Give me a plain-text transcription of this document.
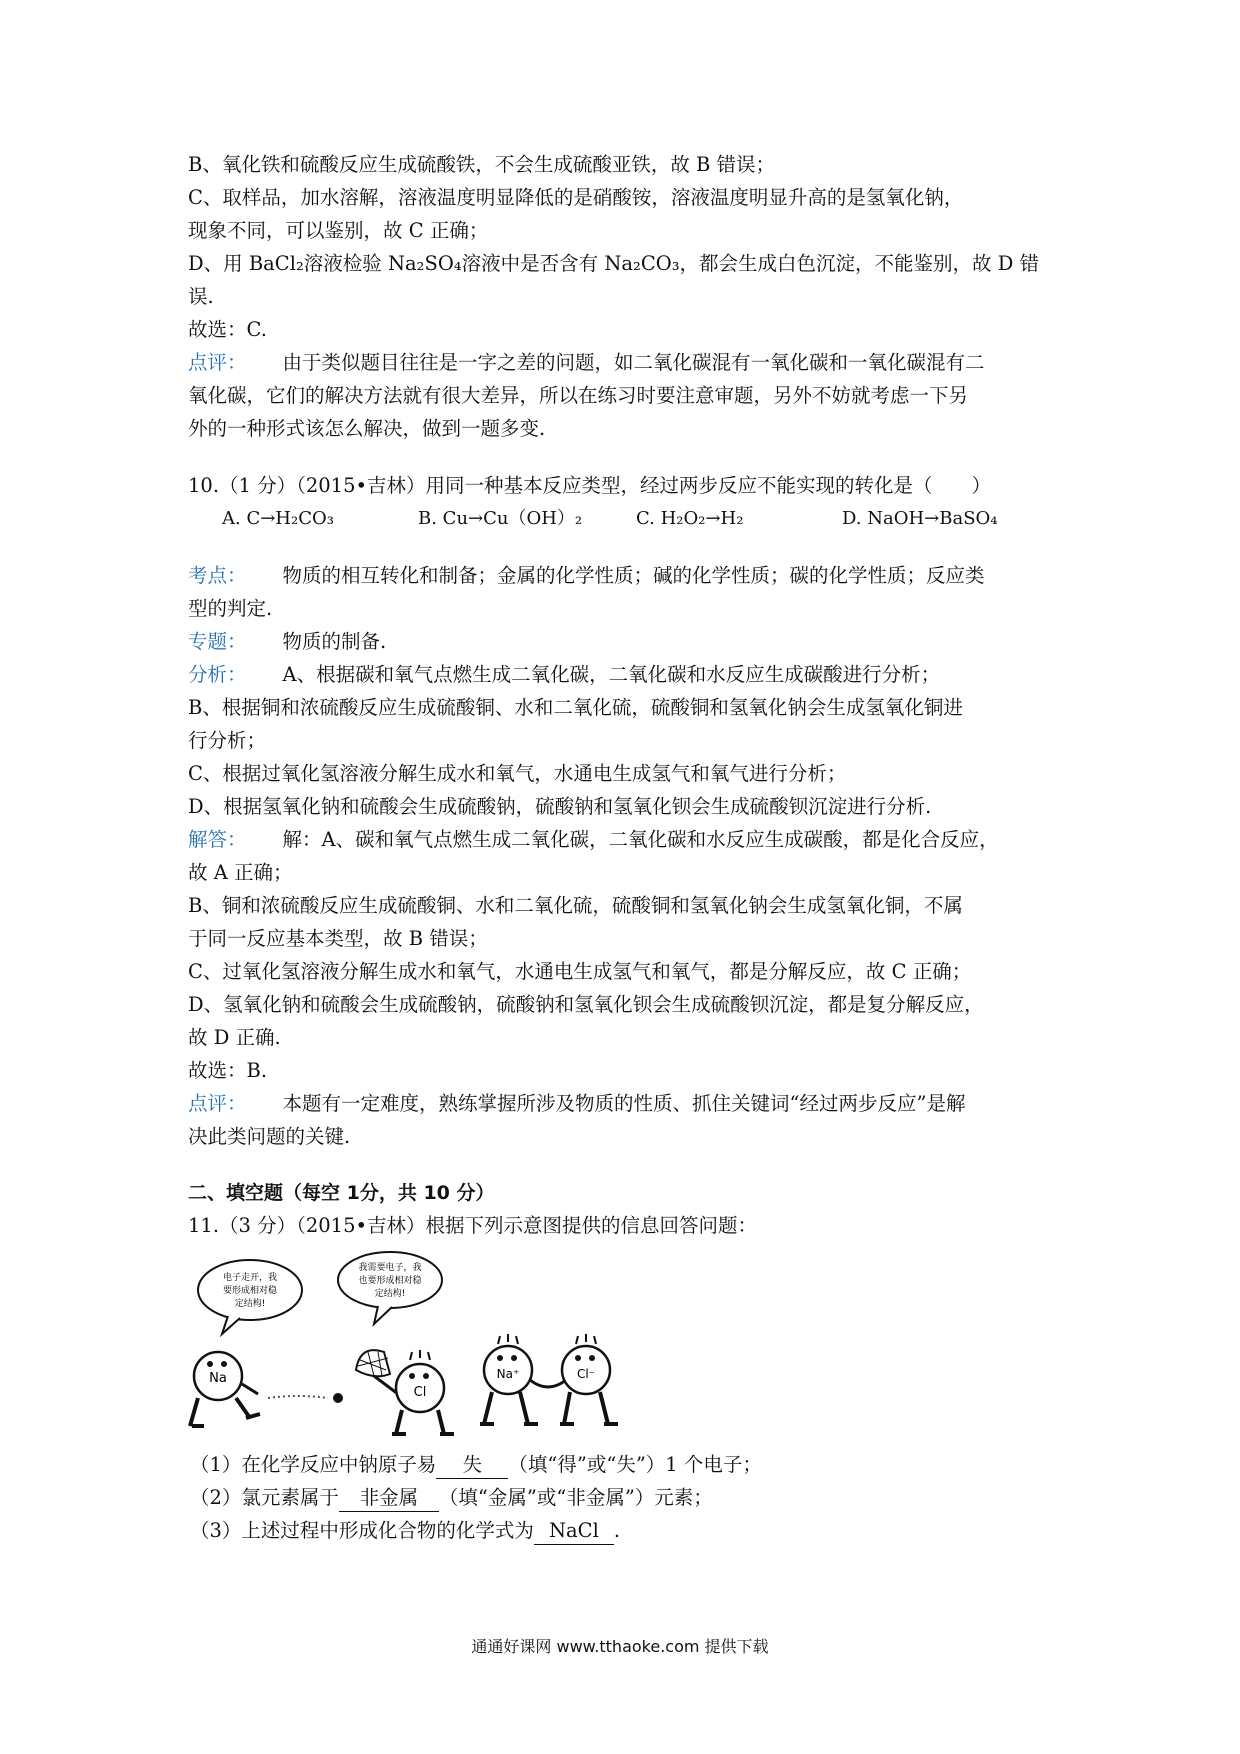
B、氧化铁和硫酸反应生成硫酸铁，不会生成硫酸亚铁，故 B 错误；
C、取样品，加水溶解，溶液温度明显降低的是硝酸铵，溶液温度明显升高的是氢氧化钠，
现象不同，可以鉴别，故 C 正确；
D、用 BaCl₂溶液检验 Na₂SO₄溶液中是否含有 Na₂CO₃，都会生成白色沉淀，不能鉴别，故 D 错
误.
故选：C.
点评： 由于类似题目往往是一字之差的问题，如二氧化碳混有一氧化碳和一氧化碳混有二
氧化碳，它们的解决方法就有很大差异，所以在练习时要注意审题，另外不妨就考虑一下另
外的一种形式该怎么解决，做到一题多变.
10.（1 分）（2015•吉林）用同一种基本反应类型，经过两步反应不能实现的转化是（　　）
A. C→H₂CO₃	B. Cu→Cu（OH）₂	C. H₂O₂→H₂	D. NaOH→BaSO₄
考点： 物质的相互转化和制备；金属的化学性质；碱的化学性质；碳的化学性质；反应类
型的判定.
专题： 物质的制备.
分析： A、根据碳和氧气点燃生成二氧化碳，二氧化碳和水反应生成碳酸进行分析；
B、根据铜和浓硫酸反应生成硫酸铜、水和二氧化硫，硫酸铜和氢氧化钠会生成氢氧化铜进
行分析；
C、根据过氧化氢溶液分解生成水和氧气，水通电生成氢气和氧气进行分析；
D、根据氢氧化钠和硫酸会生成硫酸钠，硫酸钠和氢氧化钡会生成硫酸钡沉淀进行分析.
解答： 解：A、碳和氧气点燃生成二氧化碳，二氧化碳和水反应生成碳酸，都是化合反应，
故 A 正确；
B、铜和浓硫酸反应生成硫酸铜、水和二氧化硫，硫酸铜和氢氧化钠会生成氢氧化铜，不属
于同一反应基本类型，故 B 错误；
C、过氧化氢溶液分解生成水和氧气，水通电生成氢气和氧气，都是分解反应，故 C 正确；
D、氢氧化钠和硫酸会生成硫酸钠，硫酸钠和氢氧化钡会生成硫酸钡沉淀，都是复分解反应，
故 D 正确.
故选：B.
点评： 本题有一定难度，熟练掌握所涉及物质的性质、抓住关键词“经过两步反应”是解
决此类问题的关键.
二、填空题（每空 1分，共 10 分）
11.（3 分）（2015•吉林）根据下列示意图提供的信息回答问题：
电子走开，我
要形成相对稳
定结构!
我需要电子，我
也要形成相对稳
定结构!
Na
Cl
Na⁺	Cl⁻
（1）在化学反应中钠原子易 失 （填“得”或“失”）1 个电子；
（2）氯元素属于 非金属 （填“金属”或“非金属”）元素；
（3）上述过程中形成化合物的化学式为 NaCl .
通通好课网 www.tthaoke.com 提供下载
